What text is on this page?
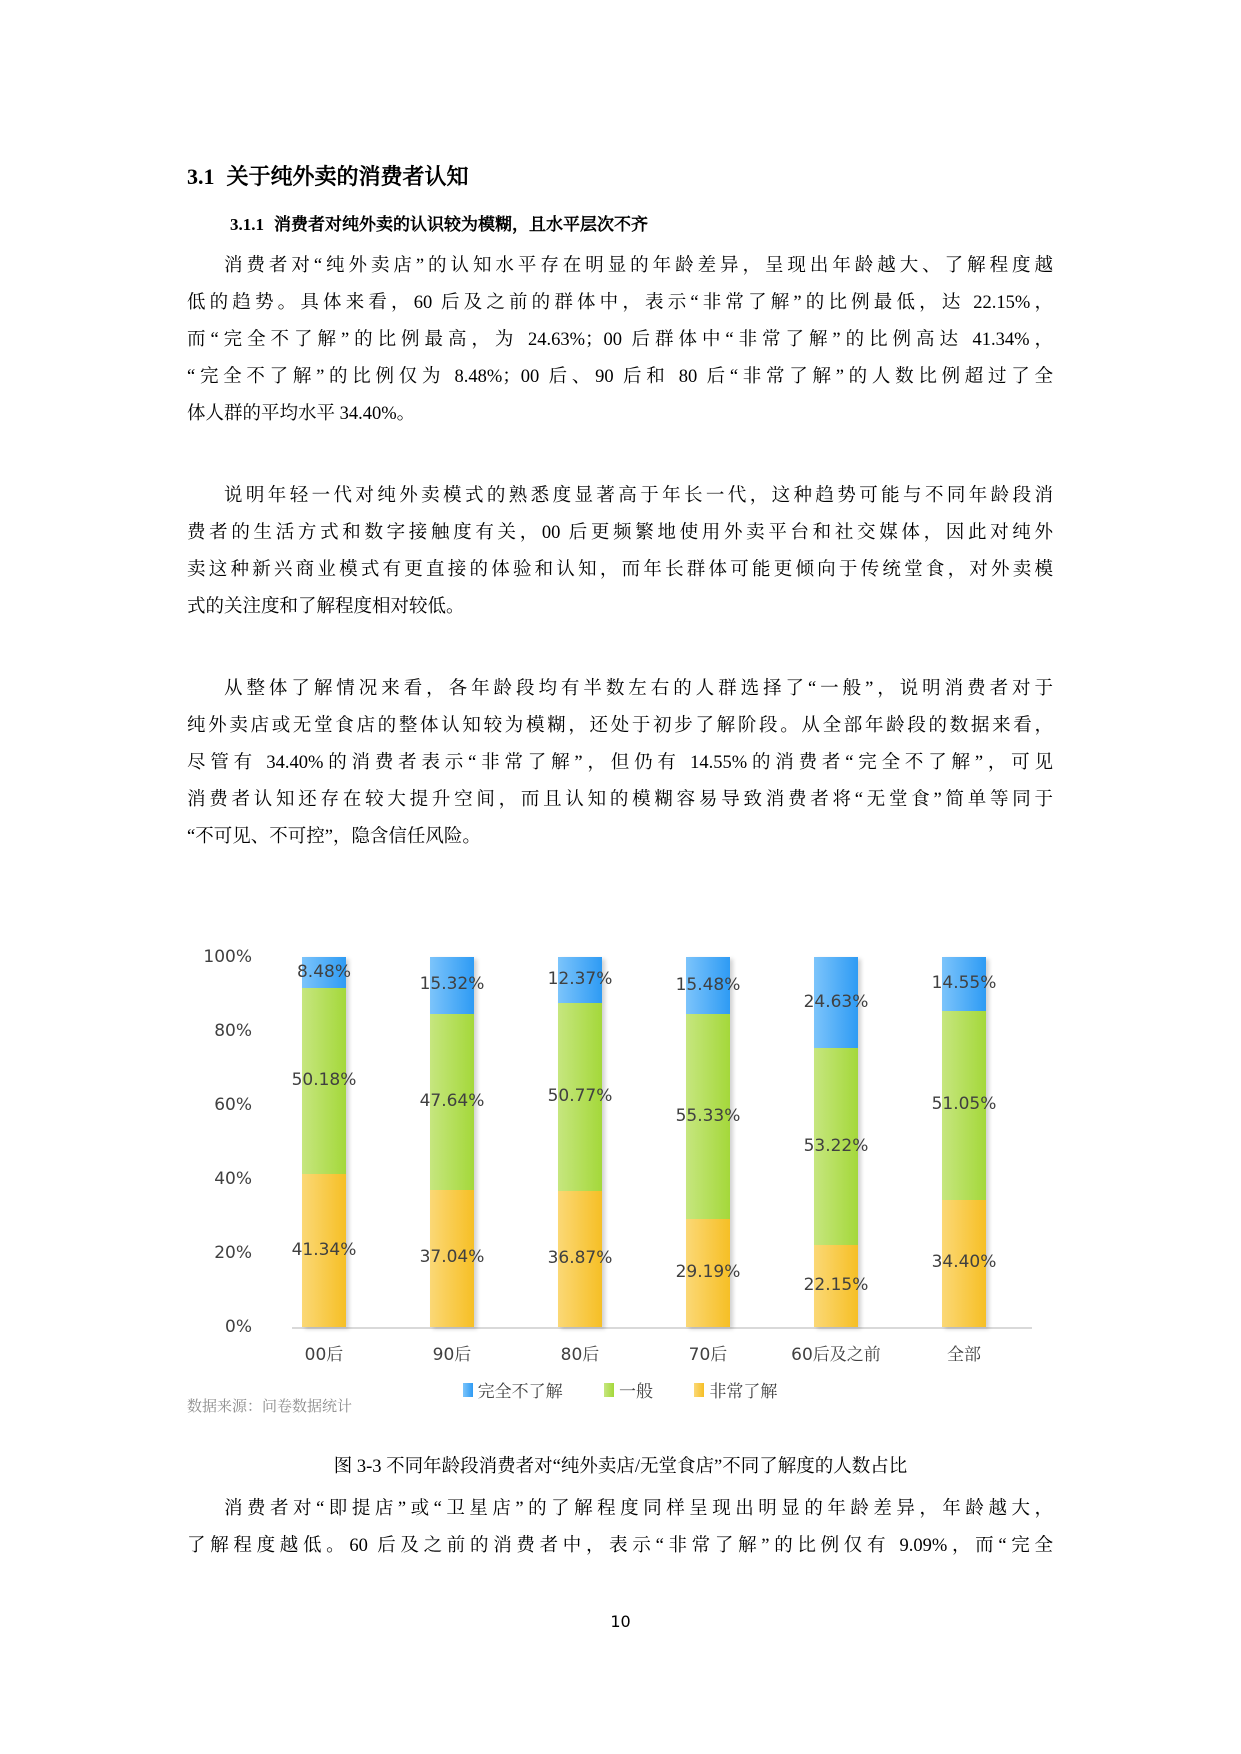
3.1 关于纯外卖的消费者认知
3.1.1 消费者对纯外卖的认识较为模糊，且水平层次不齐
消费者对“纯外卖店”的认知水平存在明显的年龄差异，呈现出年龄越大、了解程度越
低的趋势。具体来看，60 后及之前的群体中，表示“非常了解”的比例最低，达 22.15%，
而“完全不了解”的比例最高，为 24.63%；00 后群体中“非常了解”的比例高达 41.34%，
“完全不了解”的比例仅为 8.48%；00 后、90 后和 80 后“非常了解”的人数比例超过了全
体人群的平均水平 34.40%。
说明年轻一代对纯外卖模式的熟悉度显著高于年长一代，这种趋势可能与不同年龄段消
费者的生活方式和数字接触度有关，00 后更频繁地使用外卖平台和社交媒体，因此对纯外
卖这种新兴商业模式有更直接的体验和认知，而年长群体可能更倾向于传统堂食，对外卖模
式的关注度和了解程度相对较低。
从整体了解情况来看，各年龄段均有半数左右的人群选择了“一般”，说明消费者对于
纯外卖店或无堂食店的整体认知较为模糊，还处于初步了解阶段。从全部年龄段的数据来看，
尽管有 34.40%的消费者表示“非常了解”，但仍有 14.55%的消费者“完全不了解”，可见
消费者认知还存在较大提升空间，而且认知的模糊容易导致消费者将“无堂食”简单等同于
“不可见、不可控”，隐含信任风险。
100%
80%
60%
40%
20%
0%
41.34%
50.18%
8.48%
00后
37.04%
47.64%
15.32%
90后
36.87%
50.77%
12.37%
80后
29.19%
55.33%
15.48%
70后
22.15%
53.22%
24.63%
60后及之前
34.40%
51.05%
14.55%
全部
完全不了解
	一般
	非常了解
数据来源：问卷数据统计
图 3-3 不同年龄段消费者对“纯外卖店/无堂食店”不同了解度的人数占比
消费者对“即提店”或“卫星店”的了解程度同样呈现出明显的年龄差异，年龄越大，
了解程度越低。60 后及之前的消费者中，表示“非常了解”的比例仅有 9.09%，而“完全
10
